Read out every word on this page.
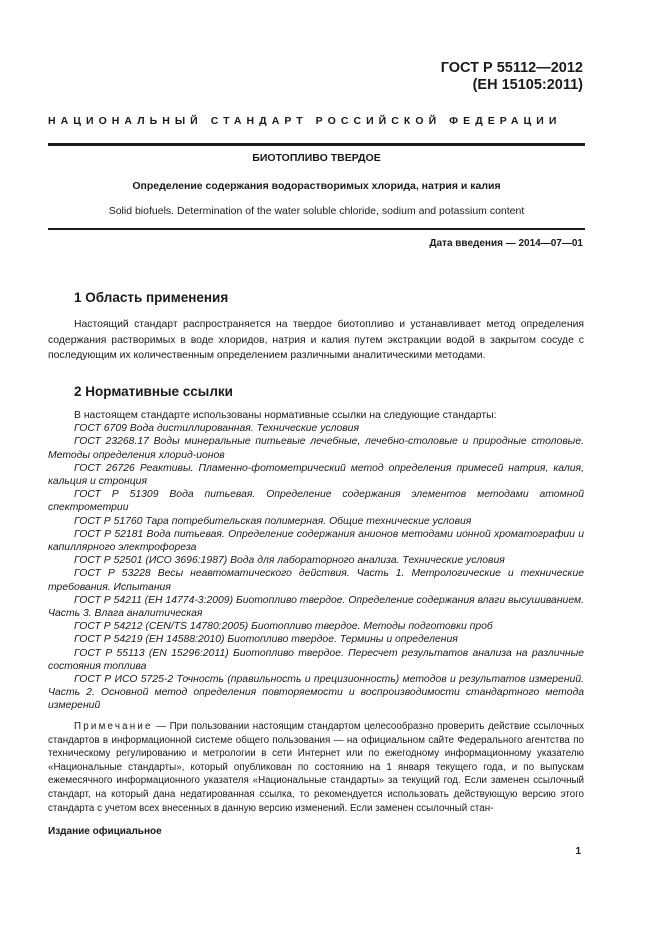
ГОСТ Р 55112—2012
(ЕН 15105:2011)
НАЦИОНАЛЬНЫЙ СТАНДАРТ РОССИЙСКОЙ ФЕДЕРАЦИИ
БИОТОПЛИВО ТВЕРДОЕ
Определение содержания водорастворимых хлорида, натрия и калия
Solid biofuels. Determination of the water soluble chloride, sodium and potassium content
Дата введения — 2014—07—01
1 Область применения

Настоящий стандарт распространяется на твердое биотопливо и устанавливает метод определения содержания растворимых в воде хлоридов, натрия и калия путем экстракции водой в закрытом сосуде с последующим их количественным определением различными аналитическими методами.

2 Нормативные ссылки
В настоящем стандарте использованы нормативные ссылки на следующие стандарты:
ГОСТ 6709 Вода дистиллированная. Технические условия
ГОСТ 23268.17 Воды минеральные питьевые лечебные, лечебно-столовые и природные столовые. Методы определения хлорид-ионов
ГОСТ 26726 Реактивы. Пламенно-фотометрический метод определения примесей натрия, калия, кальция и стронция
ГОСТ Р 51309 Вода питьевая. Определение содержания элементов методами атомной спектрометрии
ГОСТ Р 51760 Тара потребительская полимерная. Общие технические условия
ГОСТ Р 52181 Вода питьевая. Определение содержания анионов методами ионной хроматографии и капиллярного электрофореза
ГОСТ Р 52501 (ИСО 3696:1987) Вода для лабораторного анализа. Технические условия
ГОСТ Р 53228 Весы неавтоматического действия. Часть 1. Метрологические и технические требования. Испытания
ГОСТ Р 54211 (ЕН 14774-3:2009) Биотопливо твердое. Определение содержания влаги высушиванием. Часть 3. Влага аналитическая
ГОСТ Р 54212 (CEN/TS 14780:2005) Биотопливо твердое. Методы подготовки проб
ГОСТ Р 54219 (ЕН 14588:2010) Биотопливо твердое. Термины и определения
ГОСТ Р 55113 (EN 15296:2011) Биотопливо твердое. Пересчет результатов анализа на различные состояния топлива
ГОСТ Р ИСО 5725-2 Точность (правильность и прецизионность) методов и результатов измерений. Часть 2. Основной метод определения повторяемости и воспроизводимости стандартного метода измерений
Примечание — При пользовании настоящим стандартом целесообразно проверить действие ссылочных стандартов в информационной системе общего пользования — на официальном сайте Федерального агентства по техническому регулированию и метрологии в сети Интернет или по ежегодному информационному указателю «Национальные стандарты», который опубликован по состоянию на 1 января текущего года, и по выпускам ежемесячного информационного указателя «Национальные стандарты» за текущий год. Если заменен ссылочный стандарт, на который дана недатированная ссылка, то рекомендуется использовать действующую версию этого стандарта с учетом всех внесенных в данную версию изменений. Если заменен ссылочный стан-
Издание официальное
1
